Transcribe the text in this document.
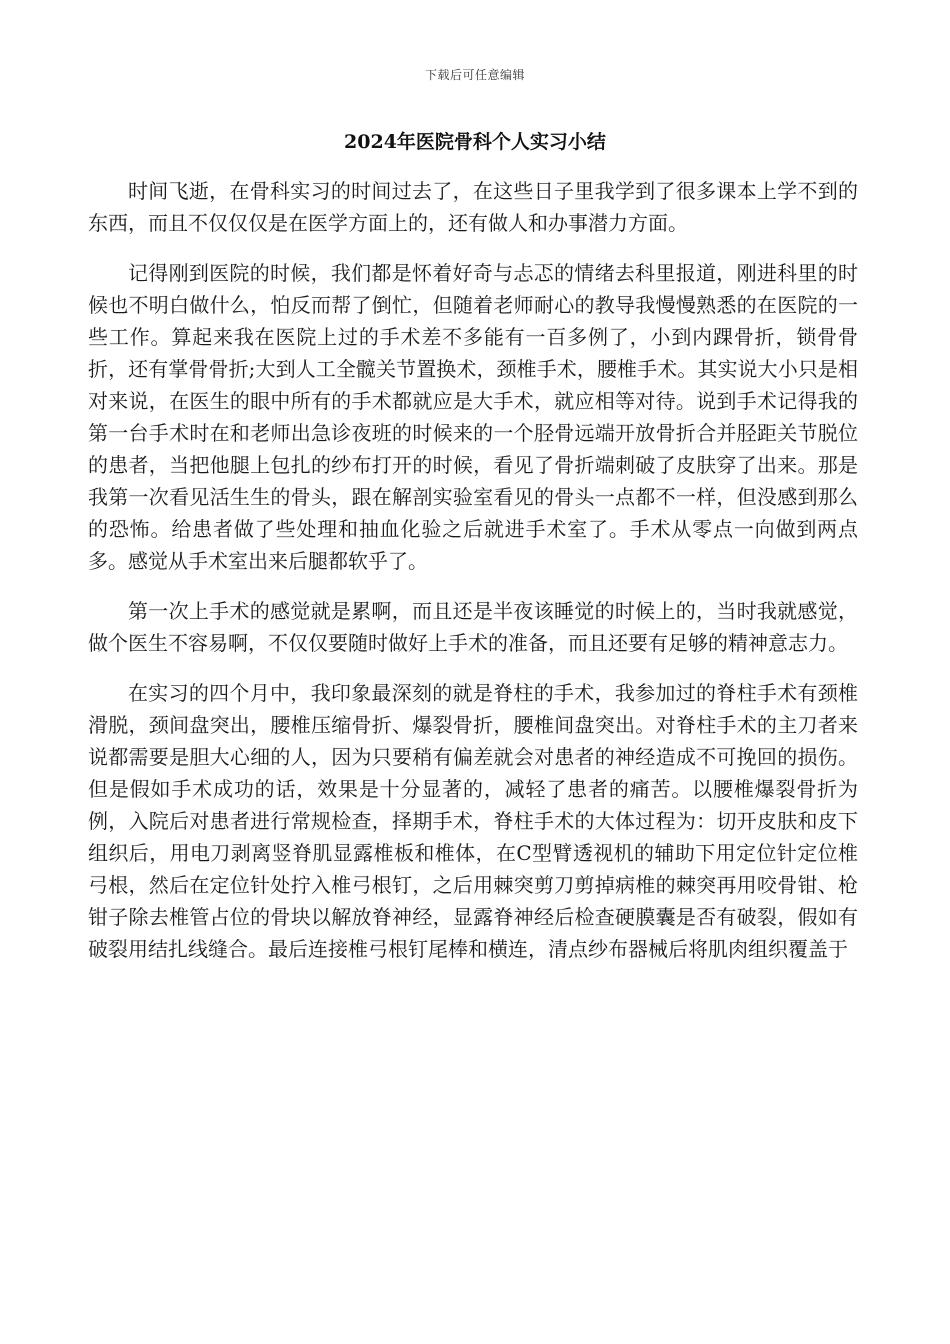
下载后可任意编辑
2024年医院骨科个人实习小结

时间飞逝，在骨科实习的时间过去了，在这些日子里我学到了很多课本上学不到的东西，而且不仅仅仅是在医学方面上的，还有做人和办事潜力方面。

记得刚到医院的时候，我们都是怀着好奇与忐忑的情绪去科里报道，刚进科里的时候也不明白做什么，怕反而帮了倒忙，但随着老师耐心的教导我慢慢熟悉的在医院的一些工作。算起来我在医院上过的手术差不多能有一百多例了，小到内踝骨折，锁骨骨折，还有掌骨骨折;大到人工全髋关节置换术，颈椎手术，腰椎手术。其实说大小只是相对来说，在医生的眼中所有的手术都就应是大手术，就应相等对待。说到手术记得我的第一台手术时在和老师出急诊夜班的时候来的一个胫骨远端开放骨折合并胫距关节脱位的患者，当把他腿上包扎的纱布打开的时候，看见了骨折端刺破了皮肤穿了出来。那是我第一次看见活生生的骨头，跟在解剖实验室看见的骨头一点都不一样，但没感到那么的恐怖。给患者做了些处理和抽血化验之后就进手术室了。手术从零点一向做到两点多。感觉从手术室出来后腿都软乎了。

第一次上手术的感觉就是累啊，而且还是半夜该睡觉的时候上的，当时我就感觉，做个医生不容易啊，不仅仅要随时做好上手术的准备，而且还要有足够的精神意志力。

在实习的四个月中，我印象最深刻的就是脊柱的手术，我参加过的脊柱手术有颈椎滑脱，颈间盘突出，腰椎压缩骨折、爆裂骨折，腰椎间盘突出。对脊柱手术的主刀者来说都需要是胆大心细的人，因为只要稍有偏差就会对患者的神经造成不可挽回的损伤。但是假如手术成功的话，效果是十分显著的，减轻了患者的痛苦。以腰椎爆裂骨折为例，入院后对患者进行常规检查，择期手术，脊柱手术的大体过程为：切开皮肤和皮下组织后，用电刀剥离竖脊肌显露椎板和椎体，在C型臂透视机的辅助下用定位针定位椎弓根，然后在定位针处拧入椎弓根钉，之后用棘突剪刀剪掉病椎的棘突再用咬骨钳、枪钳子除去椎管占位的骨块以解放脊神经，显露脊神经后检查硬膜囊是否有破裂，假如有破裂用结扎线缝合。最后连接椎弓根钉尾棒和横连，清点纱布器械后将肌肉组织覆盖于
